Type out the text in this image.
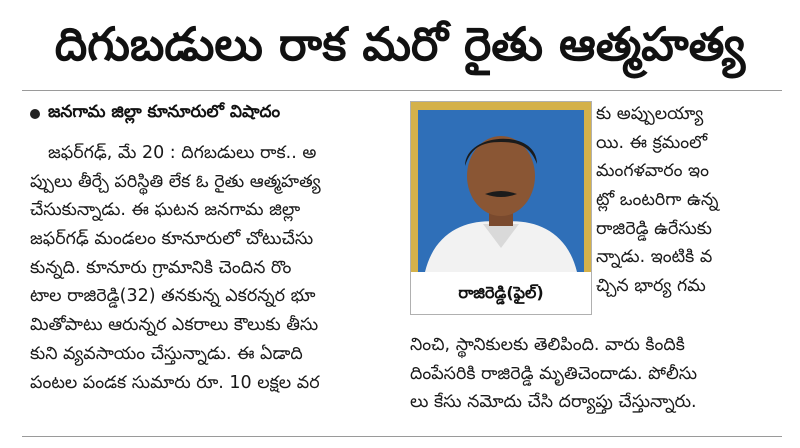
దిగుబడులు రాక మరో రైతు ఆత్మహత్య
జనగామ జిల్లా కూనూరులో విషాదం
జఫర్‌గఢ్, మే 20 : దిగబడులు రాక.. అ
ప్పులు తీర్చే పరిస్థితి లేక ఓ రైతు ఆత్మహత్య
చేసుకున్నాడు. ఈ ఘటన జనగామ జిల్లా
జఫర్‌గఢ్ మండలం కూనూరులో చోటుచేసు
కున్నది. కూనూరు గ్రామానికి చెందిన రొం
టాల రాజిరెడ్డి(32) తనకున్న ఎకరన్నర భూ
మితోపాటు ఆరున్నర ఎకరాలు కౌలుకు తీసు
కుని వ్యవసాయం చేస్తున్నాడు. ఈ ఏడాది
పంటల పండక సుమారు రూ. 10 లక్షల వర
రాజిరెడ్డి(ఫైల్)
కు అప్పులయ్యా
యి. ఈ క్రమంలో
మంగళవారం ఇం
ట్లో ఒంటరిగా ఉన్న
రాజిరెడ్డి ఉరేసుకు
న్నాడు. ఇంటికి వ
చ్చిన భార్య గమ
నించి, స్థానికులకు తెలిపింది. వారు కిందికి
దింపేసరికి రాజిరెడ్డి మృతిచెందాడు. పోలీసు
లు కేసు నమోదు చేసి దర్యాప్తు చేస్తున్నారు.
